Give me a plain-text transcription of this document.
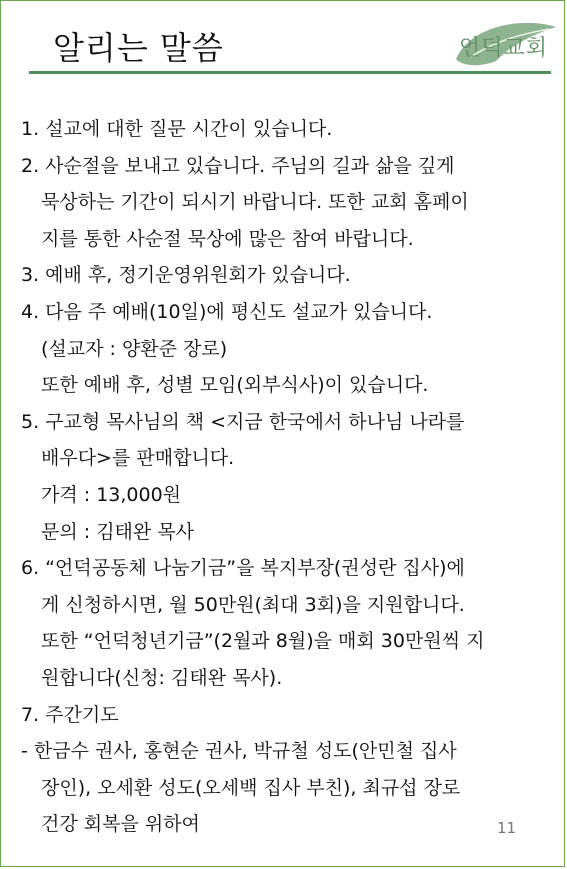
알리는 말씀	언덕교회
1. 설교에 대한 질문 시간이 있습니다.
2. 사순절을 보내고 있습니다. 주님의 길과 삶을 깊게
묵상하는 기간이 되시기 바랍니다. 또한 교회 홈페이
지를 통한 사순절 묵상에 많은 참여 바랍니다.
3. 예배 후, 정기운영위원회가 있습니다.
4. 다음 주 예배(10일)에 평신도 설교가 있습니다.
(설교자 : 양환준 장로)
또한 예배 후, 성별 모임(외부식사)이 있습니다.
5. 구교형 목사님의 책 <지금 한국에서 하나님 나라를
배우다>를 판매합니다.
가격 : 13,000원
문의 : 김태완 목사
6. “언덕공동체 나눔기금”을 복지부장(권성란 집사)에
게 신청하시면, 월 50만원(최대 3회)을 지원합니다.
또한 “언덕청년기금”(2월과 8월)을 매회 30만원씩 지
원합니다(신청: 김태완 목사).
7. 주간기도
- 한금수 권사, 홍현순 권사, 박규철 성도(안민철 집사
장인), 오세환 성도(오세백 집사 부친), 최규섭 장로
건강 회복을 위하여	11
